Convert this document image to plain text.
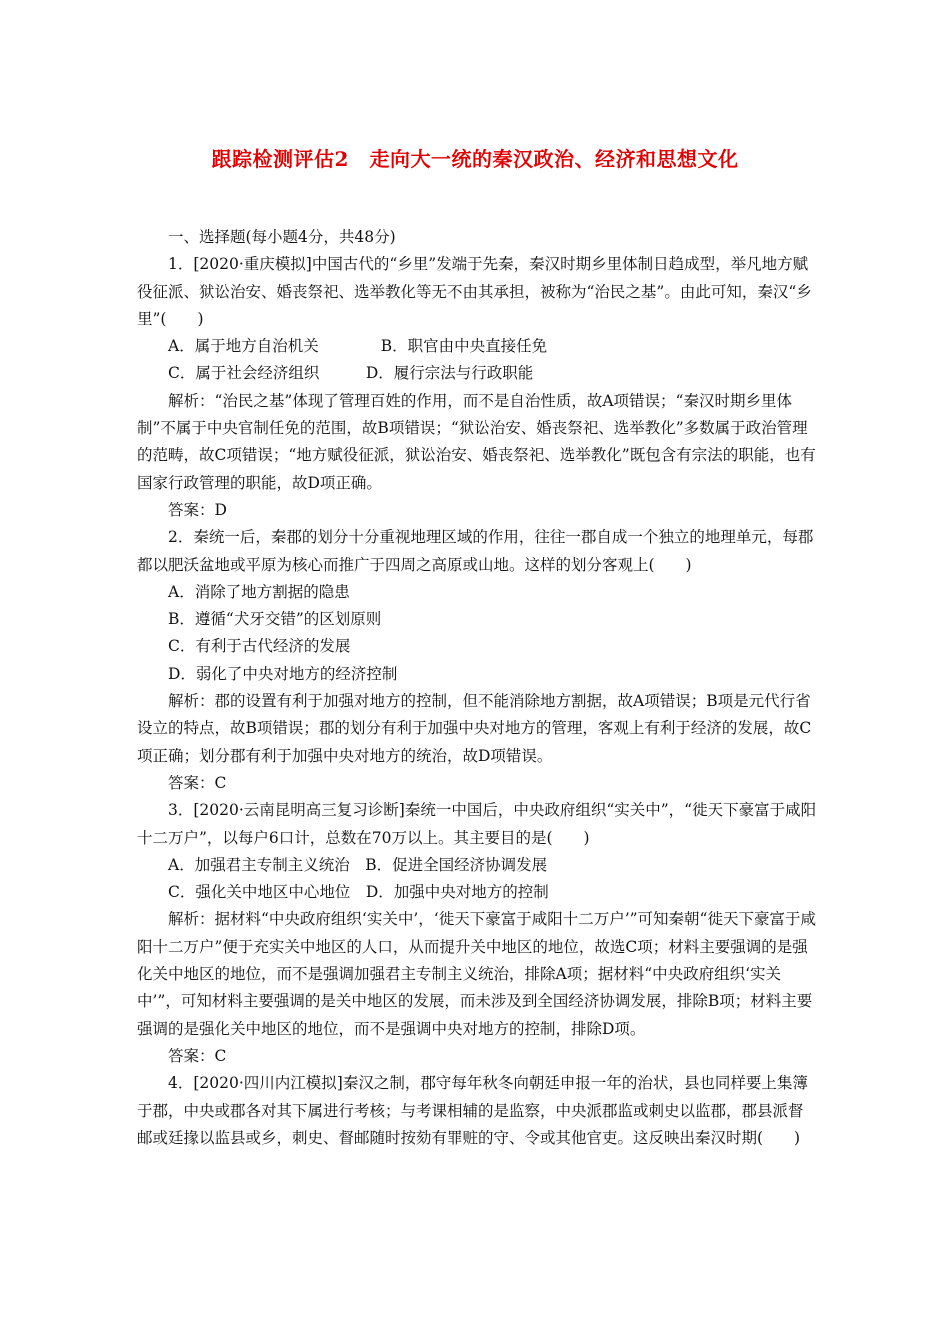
跟踪检测评估2　走向大一统的秦汉政治、经济和思想文化

一、选择题(每小题4分，共48分)

1．[2020·重庆模拟]中国古代的“乡里”发端于先秦，秦汉时期乡里体制日趋成型，举凡地方赋役征派、狱讼治安、婚丧祭祀、选举教化等无不由其承担，被称为“治民之基”。由此可知，秦汉“乡里”(　　)

A．属于地方自治机关　　　　B．职官由中央直接任免

C．属于社会经济组织　　　D．履行宗法与行政职能

解析：“治民之基”体现了管理百姓的作用，而不是自治性质，故A项错误；“秦汉时期乡里体制”不属于中央官制任免的范围，故B项错误；“狱讼治安、婚丧祭祀、选举教化”多数属于政治管理的范畴，故C项错误；“地方赋役征派，狱讼治安、婚丧祭祀、选举教化”既包含有宗法的职能，也有国家行政管理的职能，故D项正确。

答案：D

2．秦统一后，秦郡的划分十分重视地理区域的作用，往往一郡自成一个独立的地理单元，每郡都以肥沃盆地或平原为核心而推广于四周之高原或山地。这样的划分客观上(　　)

A．消除了地方割据的隐患

B．遵循“犬牙交错”的区划原则

C．有利于古代经济的发展

D．弱化了中央对地方的经济控制

解析：郡的设置有利于加强对地方的控制，但不能消除地方割据，故A项错误；B项是元代行省设立的特点，故B项错误；郡的划分有利于加强中央对地方的管理，客观上有利于经济的发展，故C项正确；划分郡有利于加强中央对地方的统治，故D项错误。

答案：C

3．[2020·云南昆明高三复习诊断]秦统一中国后，中央政府组织“实关中”，“徙天下豪富于咸阳十二万户”，以每户6口计，总数在70万以上。其主要目的是(　　)

A．加强君主专制主义统治　B．促进全国经济协调发展

C．强化关中地区中心地位　D．加强中央对地方的控制

解析：据材料“中央政府组织‘实关中’，‘徙天下豪富于咸阳十二万户’”可知秦朝“徙天下豪富于咸阳十二万户”便于充实关中地区的人口，从而提升关中地区的地位，故选C项；材料主要强调的是强化关中地区的地位，而不是强调加强君主专制主义统治，排除A项；据材料“中央政府组织‘实关中’”，可知材料主要强调的是关中地区的发展，而未涉及到全国经济协调发展，排除B项；材料主要强调的是强化关中地区的地位，而不是强调中央对地方的控制，排除D项。

答案：C

4．[2020·四川内江模拟]秦汉之制，郡守每年秋冬向朝廷申报一年的治状，县也同样要上集簿于郡，中央或郡各对其下属进行考核；与考课相辅的是监察，中央派郡监或刺史以监郡，郡县派督邮或廷掾以监县或乡，刺史、督邮随时按劾有罪赃的守、令或其他官吏。这反映出秦汉时期(　　)
